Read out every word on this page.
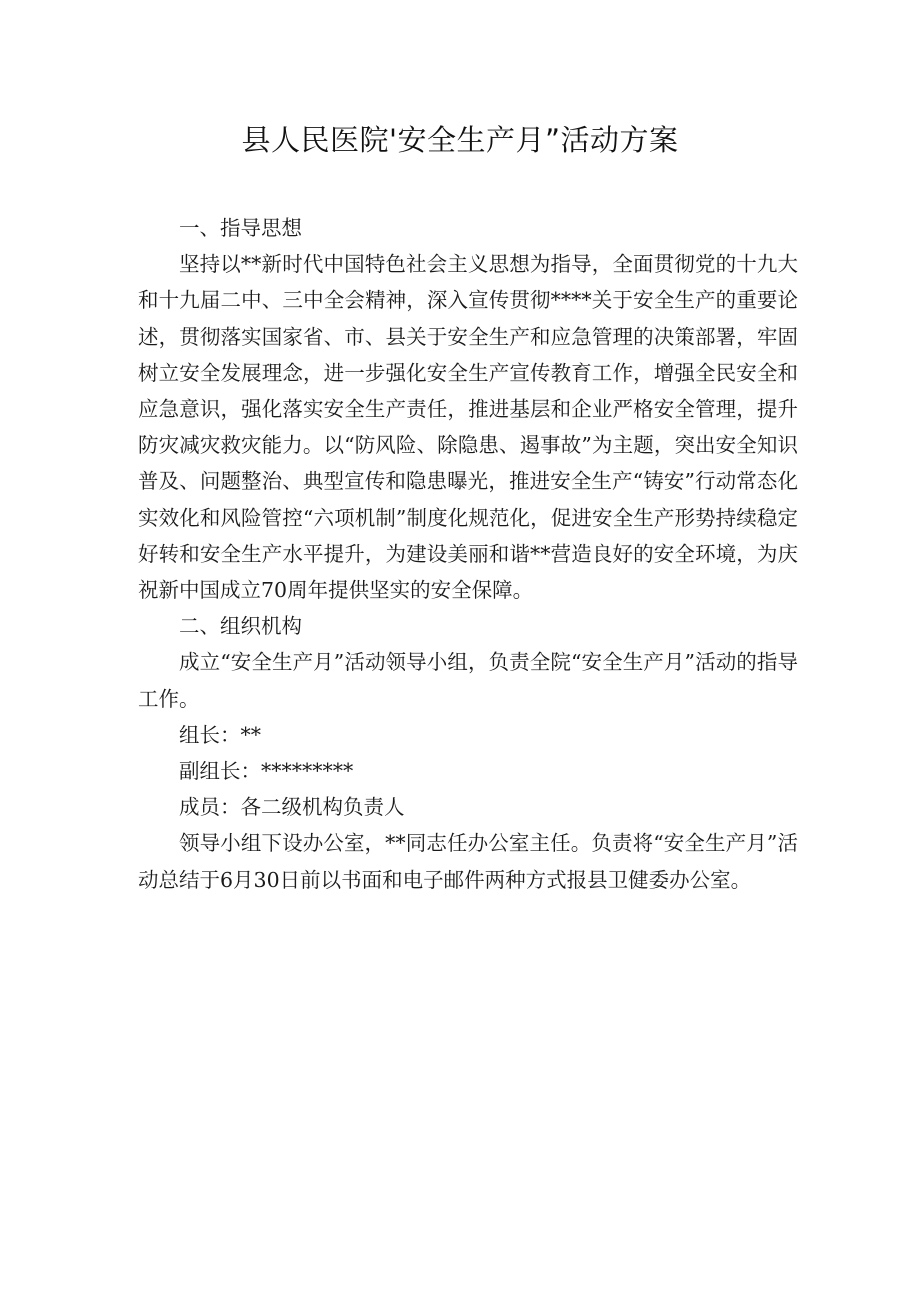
县人民医院'安全生产月”活动方案

一、指导思想

坚持以**新时代中国特色社会主义思想为指导，全面贯彻党的十九大和十九届二中、三中全会精神，深入宣传贯彻****关于安全生产的重要论述，贯彻落实国家省、市、县关于安全生产和应急管理的决策部署，牢固树立安全发展理念，进一步强化安全生产宣传教育工作，增强全民安全和应急意识，强化落实安全生产责任，推进基层和企业严格安全管理，提升防灾减灾救灾能力。以“防风险、除隐患、遏事故”为主题，突出安全知识普及、问题整治、典型宣传和隐患曝光，推进安全生产“铸安”行动常态化实效化和风险管控“六项机制”制度化规范化，促进安全生产形势持续稳定好转和安全生产水平提升，为建设美丽和谐**营造良好的安全环境，为庆祝新中国成立70周年提供坚实的安全保障。

二、组织机构

成立“安全生产月”活动领导小组，负责全院“安全生产月”活动的指导工作。

组长：**

副组长：*********

成员：各二级机构负责人

领导小组下设办公室，**同志任办公室主任。负责将“安全生产月”活动总结于6月30日前以书面和电子邮件两种方式报县卫健委办公室。
